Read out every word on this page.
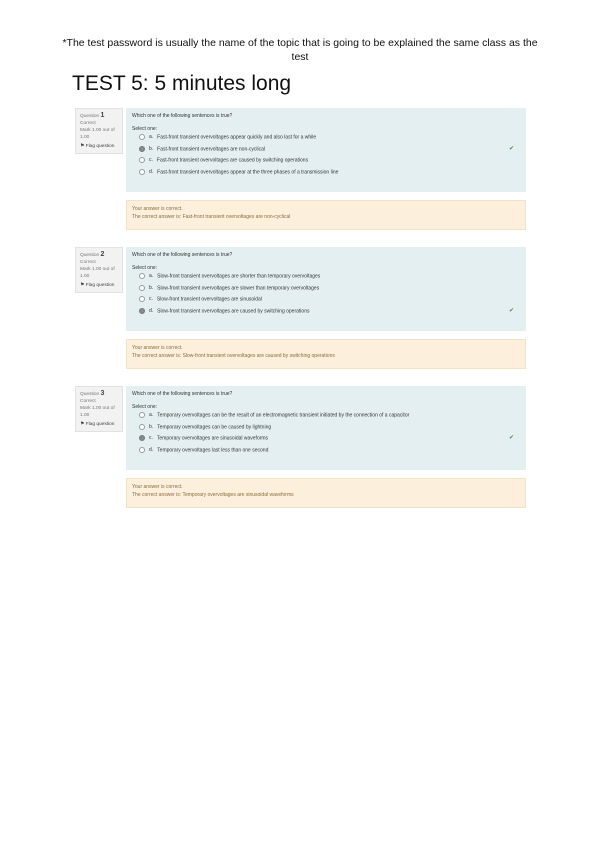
*The test password is usually the name of the topic that is going to be explained the same class as the
test
TEST 5: 5 minutes long
Question 1
Correct
Mark 1.00 out of 1.00
⚑ Flag question
Which one of the following sentences is true?
Select one:
a. Fast-front transient overvoltages appear quickly and also last for a while
b. Fast-front transient overvoltages are non-cyclical	✔
c. Fast-front transient overvoltages are caused by switching operations
d. Fast-front transient overvoltages appear at the three phases of a transmission line
Your answer is correct.
The correct answer is: Fast-front transient overvoltages are non-cyclical
Question 2
Correct
Mark 1.00 out of 1.00
⚑ Flag question
Which one of the following sentences is true?
Select one:
a. Slow-front transient overvoltages are shorter than temporary overvoltages
b. Slow-front transient overvoltages are slower than temporary overvoltages
c. Slow-front transient overvoltages are sinusoidal
d. Slow-front transient overvoltages are caused by switching operations	✔
Your answer is correct.
The correct answer is: Slow-front transient overvoltages are caused by switching operations
Question 3
Correct
Mark 1.00 out of 1.00
⚑ Flag question
Which one of the following sentences is true?
Select one:
a. Temporary overvoltages can be the result of an electromagnetic transient initiated by the connection of a capacitor
b. Temporary overvoltages can be caused by lightning
c. Temporary overvoltages are sinusoidal waveforms	✔
d. Temporary overvoltages last less than one second
Your answer is correct.
The correct answer is: Temporary overvoltages are sinusoidal waveforms
